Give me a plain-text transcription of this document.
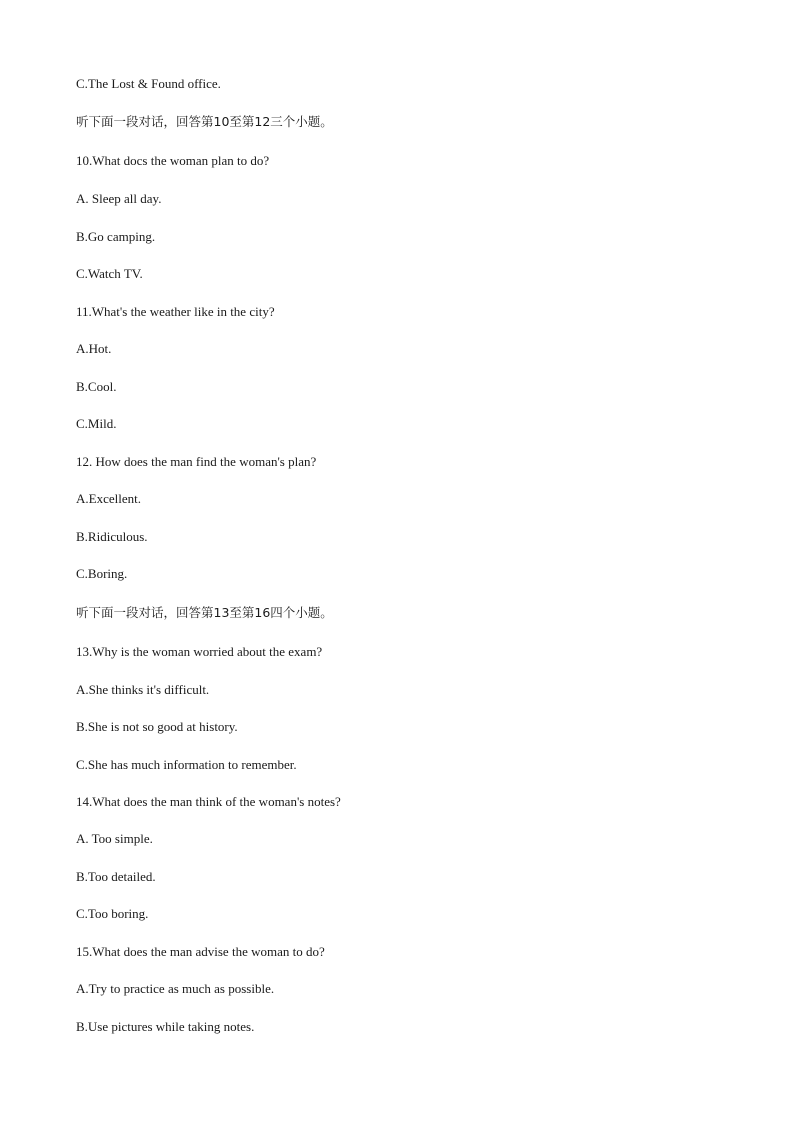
C.The Lost & Found office.
听下面一段对话，回答第10至第12三个小题。
10.What docs the woman plan to do?
A. Sleep all day.
B.Go camping.
C.Watch TV.
11.What's the weather like in the city?
A.Hot.
B.Cool.
C.Mild.
12. How does the man find the woman's plan?
A.Excellent.
B.Ridiculous.
C.Boring.
听下面一段对话，回答第13至第16四个小题。
13.Why is the woman worried about the exam?
A.She thinks it's difficult.
B.She is not so good at history.
C.She has much information to remember.
14.What does the man think of the woman's notes?
A. Too simple.
B.Too detailed.
C.Too boring.
15.What does the man advise the woman to do?
A.Try to practice as much as possible.
B.Use pictures while taking notes.
